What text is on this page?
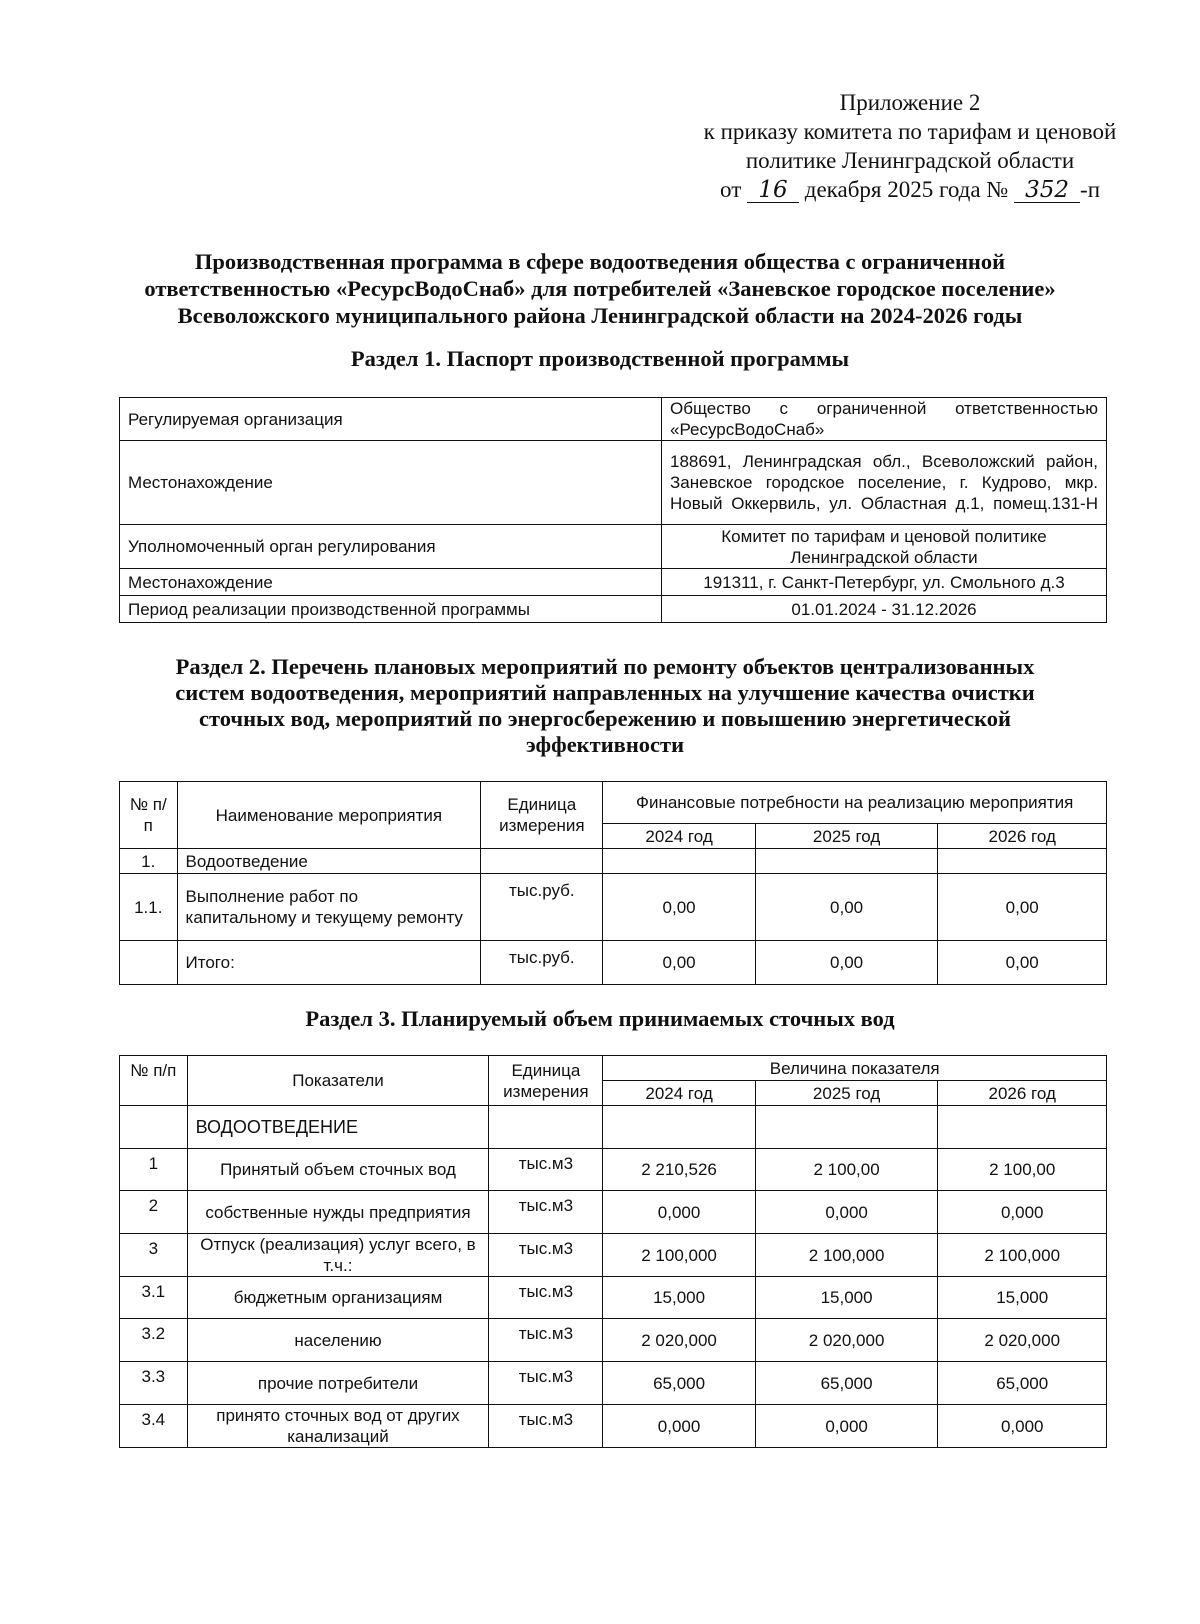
Приложение 2
к приказу комитета по тарифам и ценовой
политике Ленинградской области
от 16 декабря 2025 года № 352 -п
Производственная программа в сфере водоотведения общества с ограниченной
ответственностью «РесурсВодоСнаб» для потребителей «Заневское городское поселение»
Всеволожского муниципального района Ленинградской области на 2024-2026 годы
Раздел 1. Паспорт производственной программы
Регулируемая организация	Общество с ограниченной ответственностью «РесурсВодоСнаб»
Местонахождение	188691, Ленинградская обл., Всеволожский район, Заневское городское поселение, г. Кудрово, мкр. Новый Оккервиль, ул. Областная д.1, помещ.131-Н
Уполномоченный орган регулирования	Комитет по тарифам и ценовой политике Ленинградской области
Местонахождение	191311, г. Санкт-Петербург, ул. Смольного д.3
Период реализации производственной программы	01.01.2024 - 31.12.2026
Раздел 2. Перечень плановых мероприятий по ремонту объектов централизованных
систем водоотведения, мероприятий направленных на улучшение качества очистки
сточных вод, мероприятий по энергосбережению и повышению энергетической
эффективности
№ п/п	Наименование мероприятия	Единица измерения	Финансовые потребности на реализацию мероприятия		
			2024 год	2025 год	2026 год
1.	Водоотведение				
1.1.	Выполнение работ по капитальному и текущему ремонту	тыс.руб.	0,00	0,00	0,00
	Итого:	тыс.руб.	0,00	0,00	0,00
Раздел 3. Планируемый объем принимаемых сточных вод
№ п/п	Показатели	Единица измерения	Величина показателя		
			2024 год	2025 год	2026 год
	ВОДООТВЕДЕНИЕ				
1	Принятый объем сточных вод	тыс.м3	2 210,526	2 100,00	2 100,00
2	собственные нужды предприятия	тыс.м3	0,000	0,000	0,000
3	Отпуск (реализация) услуг всего, в т.ч.:	тыс.м3	2 100,000	2 100,000	2 100,000
3.1	бюджетным организациям	тыс.м3	15,000	15,000	15,000
3.2	населению	тыс.м3	2 020,000	2 020,000	2 020,000
3.3	прочие потребители	тыс.м3	65,000	65,000	65,000
3.4	принято сточных вод от других канализаций	тыс.м3	0,000	0,000	0,000
